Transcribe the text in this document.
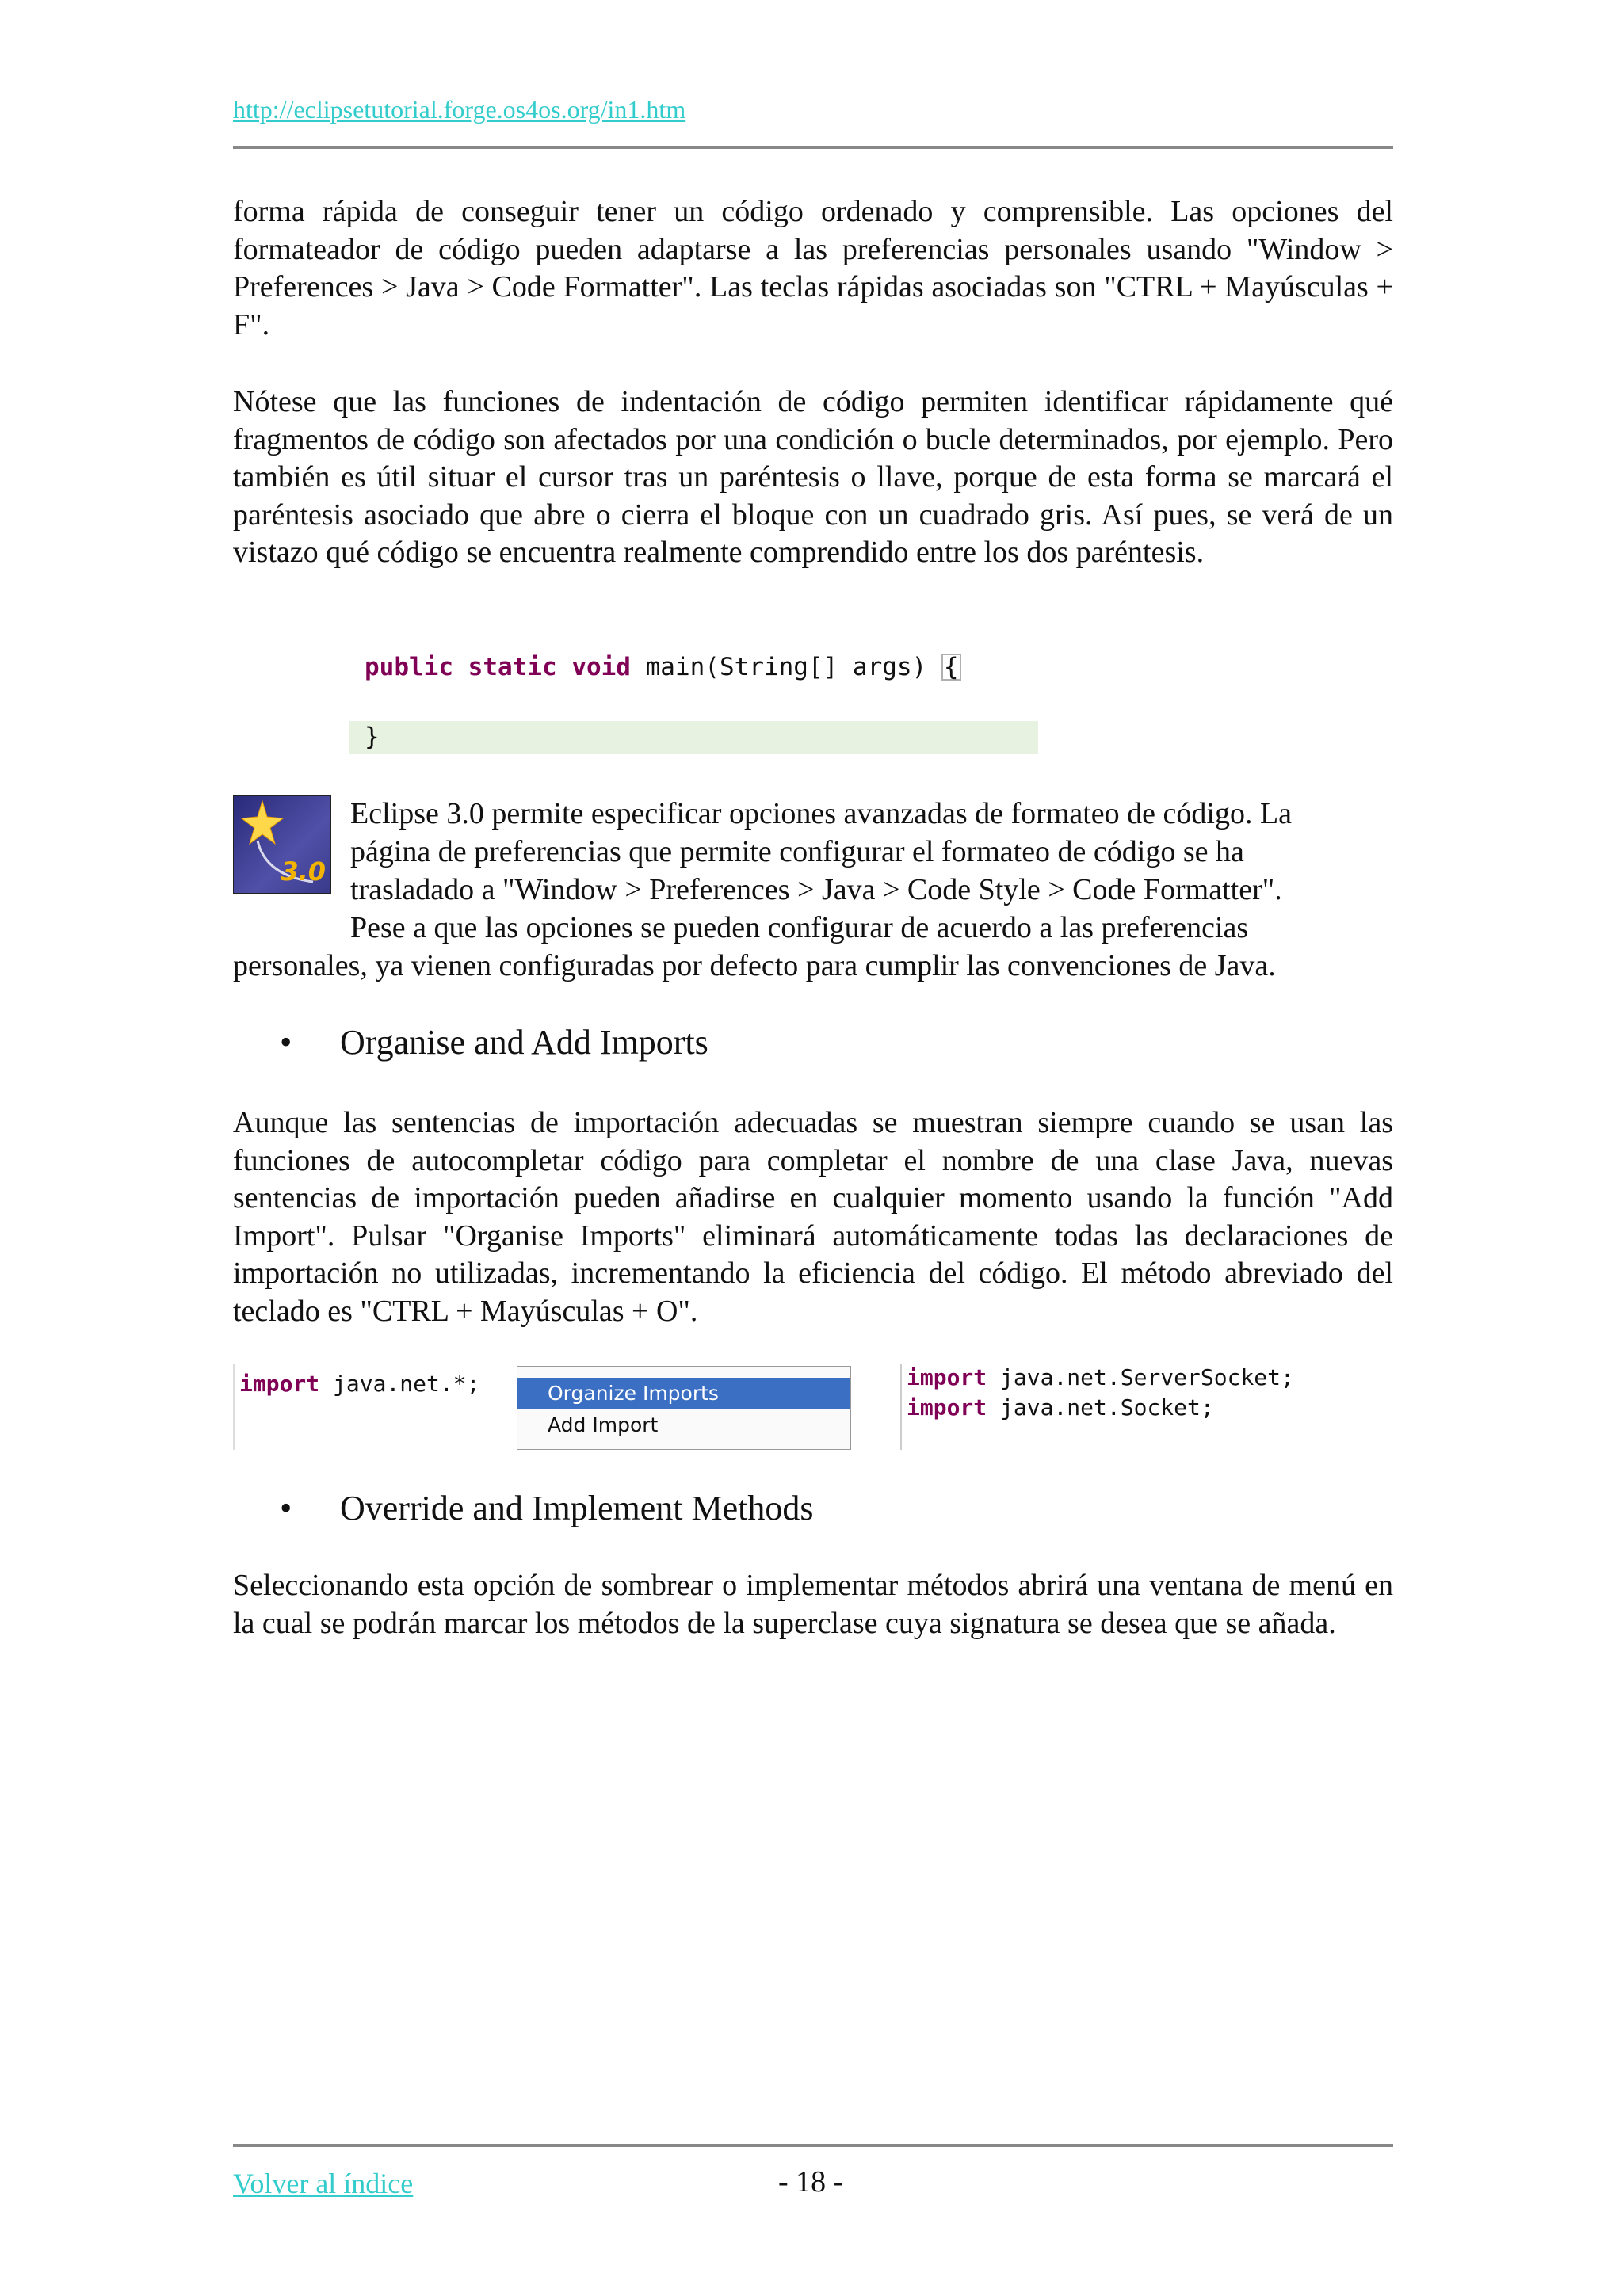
http://eclipsetutorial.forge.os4os.org/in1.htm

forma rápida de conseguir tener un código ordenado y comprensible. Las opciones del formateador de código pueden adaptarse a las preferencias personales usando "Window > Preferences > Java > Code Formatter". Las teclas rápidas asociadas son "CTRL + Mayúsculas + F".

Nótese que las funciones de indentación de código permiten identificar rápidamente qué fragmentos de código son afectados por una condición o bucle determinados, por ejemplo. Pero también es útil situar el cursor tras un paréntesis o llave, porque de esta forma se marcará el paréntesis asociado que abre o cierra el bloque con un cuadrado gris. Así pues, se verá de un vistazo qué código se encuentra realmente comprendido entre los dos paréntesis.

public static void main(String[] args) {
}
3.0
Eclipse 3.0 permite especificar opciones avanzadas de formateo de código. La
página de preferencias que permite configurar el formateo de código se ha
trasladado a "Window > Preferences > Java > Code Style > Code Formatter".
Pese a que las opciones se pueden configurar de acuerdo a las preferencias
personales, ya vienen configuradas por defecto para cumplir las convenciones de Java.
• Organise and Add Imports

Aunque las sentencias de importación adecuadas se muestran siempre cuando se usan las funciones de autocompletar código para completar el nombre de una clase Java, nuevas sentencias de importación pueden añadirse en cualquier momento usando la función "Add Import". Pulsar "Organise Imports" eliminará automáticamente todas las declaraciones de importación no utilizadas, incrementando la eficiencia del código. El método abreviado del teclado es "CTRL + Mayúsculas + O".

import java.net.*;	Organize Imports
Add Import
import java.net.ServerSocket;
import java.net.Socket;
• Override and Implement Methods

Seleccionando esta opción de sombrear o implementar métodos abrirá una ventana de menú en la cual se podrán marcar los métodos de la superclase cuya signatura se desea que se añada.

Volver al índice	- 18 -
